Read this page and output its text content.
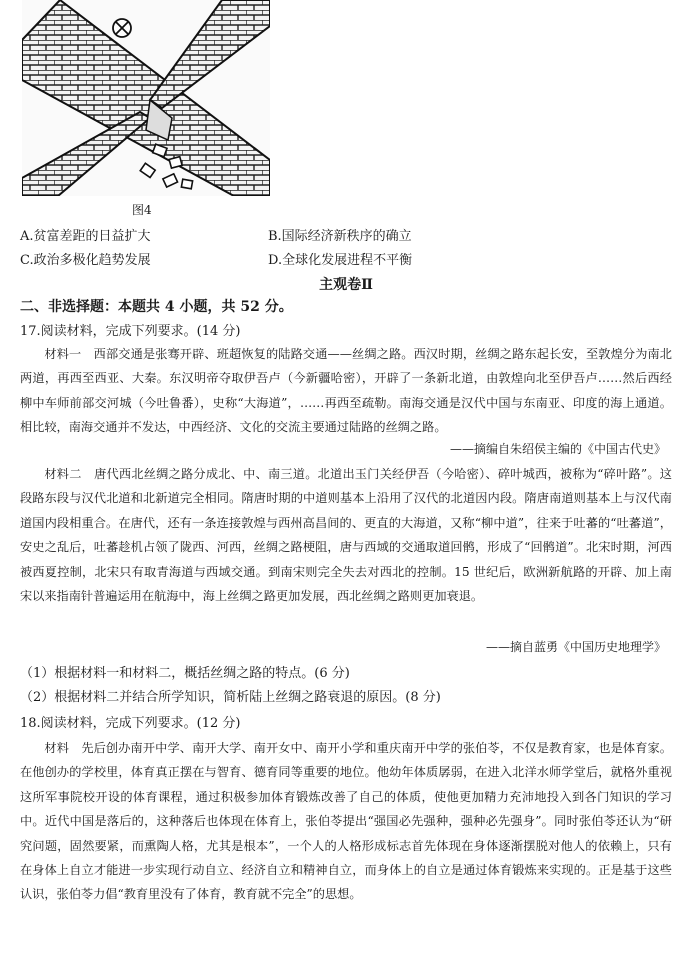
图4
A.贫富差距的日益扩大	B.国际经济新秩序的确立
C.政治多极化趋势发展	D.全球化发展进程不平衡
主观卷Ⅱ
二、非选择题：本题共 4 小题，共 52 分。
17.阅读材料，完成下列要求。(14 分)

材料一　西部交通是张骞开辟、班超恢复的陆路交通——丝绸之路。西汉时期，丝绸之路东起长安，至敦煌分为南北两道，再西至西亚、大秦。东汉明帝夺取伊吾卢（今新疆哈密），开辟了一条新北道，由敦煌向北至伊吾卢……然后西经柳中车师前部交河城（今吐鲁番），史称“大海道”，……再西至疏勒。南海交通是汉代中国与东南亚、印度的海上通道。相比较，南海交通并不发达，中西经济、文化的交流主要通过陆路的丝绸之路。

——摘编自朱绍侯主编的《中国古代史》

材料二　唐代西北丝绸之路分成北、中、南三道。北道出玉门关经伊吾（今哈密）、碎叶城西，被称为“碎叶路”。这段路东段与汉代北道和北新道完全相同。隋唐时期的中道则基本上沿用了汉代的北道因内段。隋唐南道则基本上与汉代南道国内段相重合。在唐代，还有一条连接敦煌与西州高昌间的、更直的大海道，又称“柳中道”，往来于吐蕃的“吐蕃道”，安史之乱后，吐蕃趁机占领了陇西、河西，丝绸之路梗阻，唐与西域的交通取道回鹘，形成了“回鹘道”。北宋时期，河西被西夏控制，北宋只有取青海道与西域交通。到南宋则完全失去对西北的控制。15 世纪后，欧洲新航路的开辟、加上南宋以来指南针普遍运用在航海中，海上丝绸之路更加发展，西北丝绸之路则更加衰退。

——摘自蓝勇《中国历史地理学》
（1）根据材料一和材料二，概括丝绸之路的特点。(6 分)
（2）根据材料二并结合所学知识，简析陆上丝绸之路衰退的原因。(8 分)
18.阅读材料，完成下列要求。(12 分)

材料　先后创办南开中学、南开大学、南开女中、南开小学和重庆南开中学的张伯苓，不仅是教育家，也是体育家。在他创办的学校里，体育真正摆在与智育、德育同等重要的地位。他幼年体质孱弱，在进入北洋水师学堂后，就格外重视这所军事院校开设的体育课程，通过积极参加体育锻炼改善了自己的体质，使他更加精力充沛地投入到各门知识的学习中。近代中国是落后的，这种落后也体现在体育上，张伯苓提出“强国必先强种，强种必先强身”。同时张伯苓还认为“研究问题，固然要紧，而熏陶人格，尤其是根本”，一个人的人格形成标志首先体现在身体逐渐摆脱对他人的依赖上，只有在身体上自立才能进一步实现行动自立、经济自立和精神自立，而身体上的自立是通过体育锻炼来实现的。正是基于这些认识，张伯苓力倡“教育里没有了体育，教育就不完全”的思想。
